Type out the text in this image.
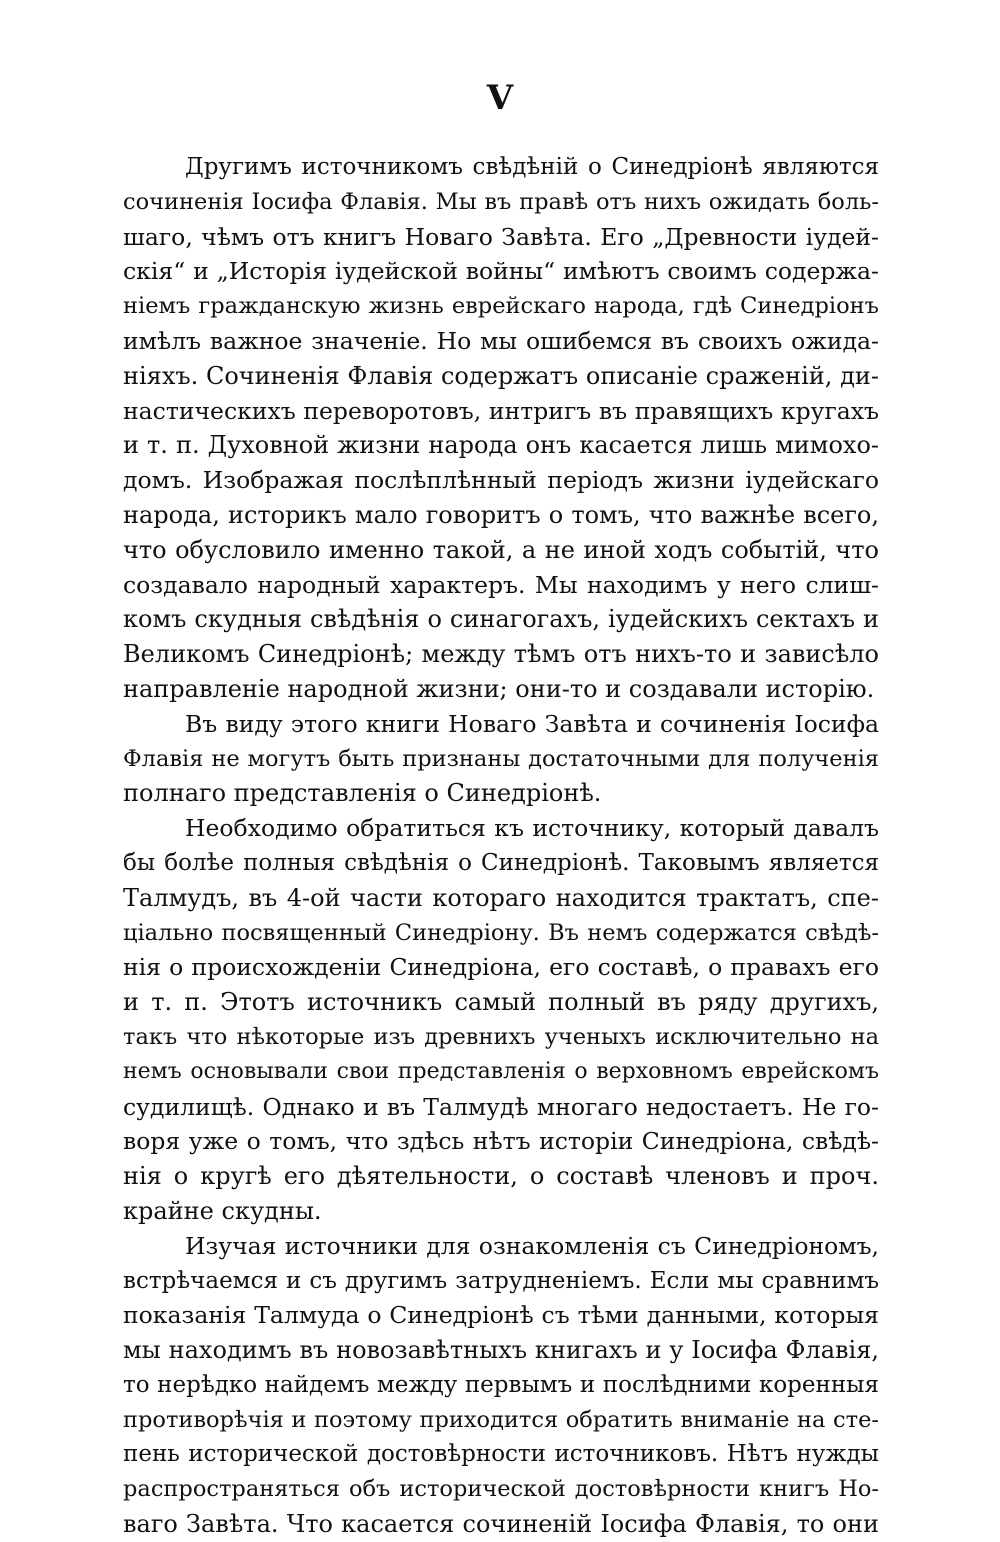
V
Другимъ источникомъ свѣдѣній о Синедріонѣ являются
сочиненія Іосифа Флавія. Мы въ правѣ отъ нихъ ожидать боль-
шаго, чѣмъ отъ книгъ Новаго Завѣта. Его „Древности іудей-
скія“ и „Исторія іудейской войны“ имѣютъ своимъ содержа-
ніемъ гражданскую жизнь еврейскаго народа, гдѣ Синедріонъ
имѣлъ важное значеніе. Но мы ошибемся въ своихъ ожида-
ніяхъ. Сочиненія Флавія содержатъ описаніе сраженій, ди-
настическихъ переворотовъ, интригъ въ правящихъ кругахъ
и т. п. Духовной жизни народа онъ касается лишь мимохо-
домъ. Изображая послѣплѣнный періодъ жизни іудейскаго
народа, историкъ мало говоритъ о томъ, что важнѣе всего,
что обусловило именно такой, а не иной ходъ событій, что
создавало народный характеръ. Мы находимъ у него слиш-
комъ скудныя свѣдѣнія о синагогахъ, іудейскихъ сектахъ и
Великомъ Синедріонѣ; между тѣмъ отъ нихъ-то и зависѣло
направленіе народной жизни; они-то и создавали исторію.
Въ виду этого книги Новаго Завѣта и сочиненія Іосифа
Флавія не могутъ быть признаны достаточными для полученія
полнаго представленія о Синедріонѣ.
Необходимо обратиться къ источнику, который давалъ
бы болѣе полныя свѣдѣнія о Синедріонѣ. Таковымъ является
Талмудъ, въ 4-ой части котораго находится трактатъ, спе-
ціально посвященный Синедріону. Въ немъ содержатся свѣдѣ-
нія о происхожденіи Синедріона, его составѣ, о правахъ его
и т. п. Этотъ источникъ самый полный въ ряду другихъ,
такъ что нѣкоторые изъ древнихъ ученыхъ исключительно на
немъ основывали свои представленія о верховномъ еврейскомъ
судилищѣ. Однако и въ Талмудѣ многаго недостаетъ. Не го-
воря уже о томъ, что здѣсь нѣтъ исторіи Синедріона, свѣдѣ-
нія о кругѣ его дѣятельности, о составѣ членовъ и проч.
крайне скудны.
Изучая источники для ознакомленія съ Синедріономъ,
встрѣчаемся и съ другимъ затрудненіемъ. Если мы сравнимъ
показанія Талмуда о Синедріонѣ съ тѣми данными, которыя
мы находимъ въ новозавѣтныхъ книгахъ и у Іосифа Флавія,
то нерѣдко найдемъ между первымъ и послѣдними коренныя
противорѣчія и поэтому приходится обратить вниманіе на сте-
пень исторической достовѣрности источниковъ. Нѣтъ нужды
распространяться объ исторической достовѣрности книгъ Но-
ваго Завѣта. Что касается сочиненій Іосифа Флавія, то они
